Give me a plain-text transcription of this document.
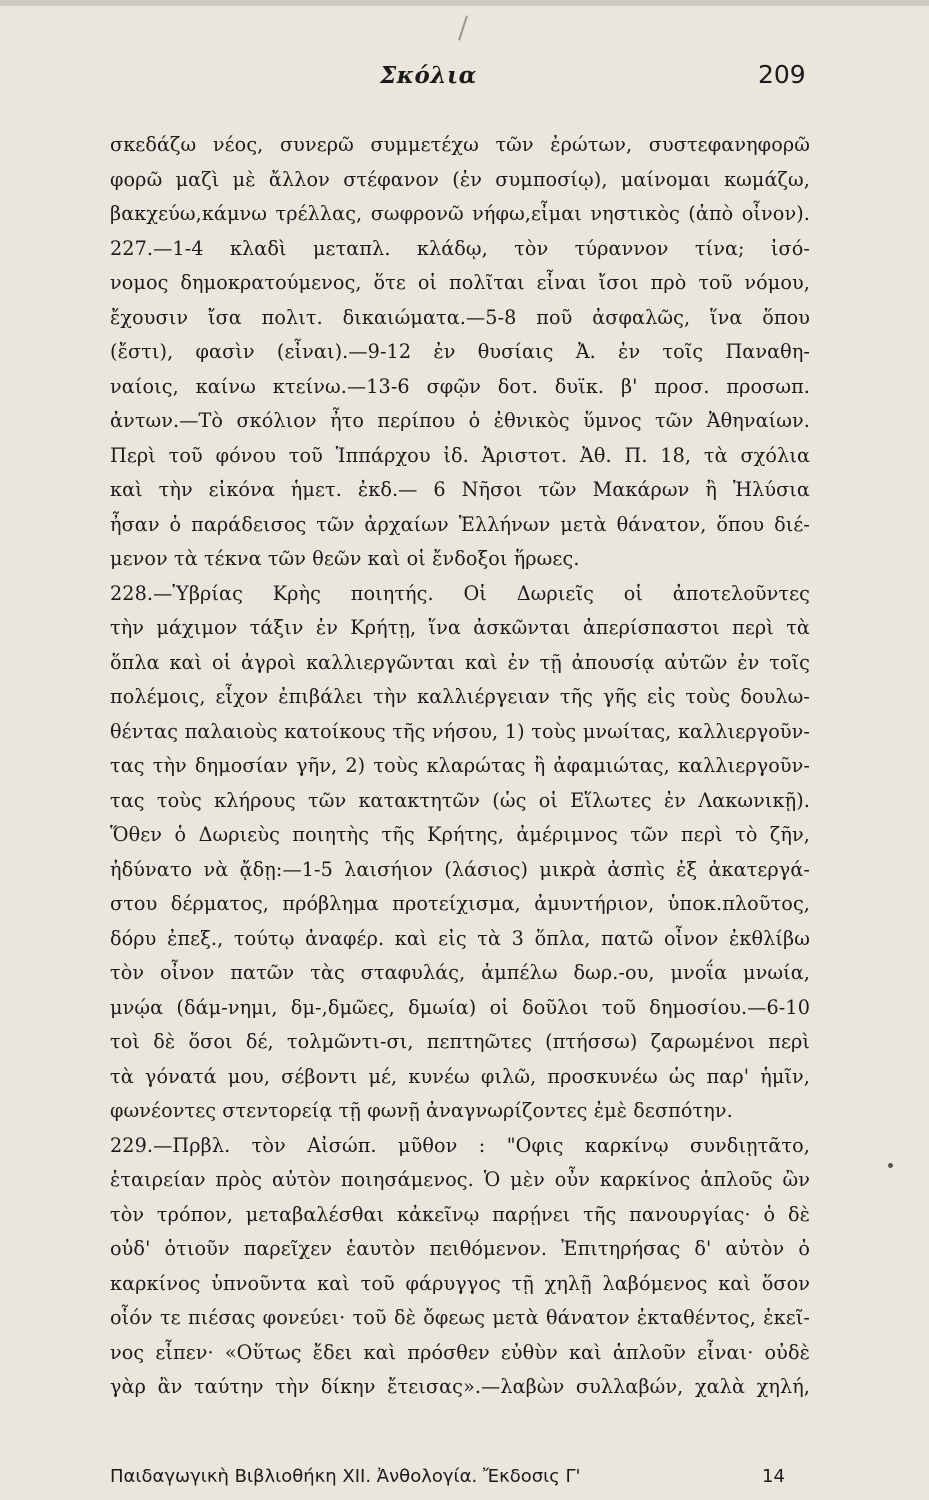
Σκόλια	209
σκεδάζω νέος, συνερῶ συμμετέχω τῶν ἐρώτων, συστεφανηφορῶ
φορῶ μαζὶ μὲ ἄλλον στέφανον (ἐν συμποσίῳ), μαίνομαι κωμάζω,
βακχεύω,κάμνω τρέλλας, σωφρονῶ νήφω,εἶμαι νηστικὸς (ἀπὸ οἶνον).
227.—1-4 κλαδὶ μεταπλ. κλάδῳ, τὸν τύραννον τίνα; ἰσό-
νομος δημοκρατούμενος, ὅτε οἱ πολῖται εἶναι ἴσοι πρὸ τοῦ νόμου,
ἔχουσιν ἴσα πολιτ. δικαιώματα.—5-8 ποῦ ἀσφαλῶς, ἵνα ὅπου
(ἔστι), φασὶν (εἶναι).—9-12 ἐν θυσίαις Ἀ. ἐν τοῖς Παναθη-
ναίοις, καίνω κτείνω.—13-6 σφῷν δοτ. δυϊκ. β' προσ. προσωπ.
ἀντων.—Τὸ σκόλιον ἦτο περίπου ὁ ἐθνικὸς ὕμνος τῶν Ἀθηναίων.
Περὶ τοῦ φόνου τοῦ Ἱππάρχου ἰδ. Ἀριστοτ. Ἀθ. Π. 18, τὰ σχόλια
καὶ τὴν εἰκόνα ἡμετ. ἐκδ.— 6 Νῆσοι τῶν Μακάρων ἢ Ἠλύσια
ἦσαν ὁ παράδεισος τῶν ἀρχαίων Ἑλλήνων μετὰ θάνατον, ὅπου διέ-
μενον τὰ τέκνα τῶν θεῶν καὶ οἱ ἔνδοξοι ἥρωες.
228.—Ὑβρίας Κρὴς ποιητής. Οἱ Δωριεῖς οἱ ἀποτελοῦντες
τὴν μάχιμον τάξιν ἐν Κρήτῃ, ἵνα ἀσκῶνται ἀπερίσπαστοι περὶ τὰ
ὅπλα καὶ οἱ ἀγροὶ καλλιεργῶνται καὶ ἐν τῇ ἀπουσίᾳ αὐτῶν ἐν τοῖς
πολέμοις, εἶχον ἐπιβάλει τὴν καλλιέργειαν τῆς γῆς εἰς τοὺς δουλω-
θέντας παλαιοὺς κατοίκους τῆς νήσου, 1) τοὺς μνωίτας, καλλιεργοῦν-
τας τὴν δημοσίαν γῆν, 2) τοὺς κλαρώτας ἢ ἀφαμιώτας, καλλιεργοῦν-
τας τοὺς κλήρους τῶν κατακτητῶν (ὡς οἱ Εἵλωτες ἐν Λακωνικῇ).
Ὅθεν ὁ Δωριεὺς ποιητὴς τῆς Κρήτης, ἀμέριμνος τῶν περὶ τὸ ζῆν,
ἠδύνατο νὰ ᾄδῃ:—1-5 λαισήιον (λάσιος) μικρὰ ἀσπὶς ἐξ ἀκατεργά-
στου δέρματος, πρόβλημα προτείχισμα, ἀμυντήριον, ὑποκ.πλοῦτος,
δόρυ ἐπεξ., τούτῳ ἀναφέρ. καὶ εἰς τὰ 3 ὅπλα, πατῶ οἶνον ἐκθλίβω
τὸν οἶνον πατῶν τὰς σταφυλάς, ἀμπέλω δωρ.-ου, μνοΐα μνωία,
μνῴα (δάμ-νημι, δμ-,δμῶες, δμωία) οἱ δοῦλοι τοῦ δημοσίου.—6-10
τοὶ δὲ ὅσοι δέ, τολμῶντι-σι, πεπτηῶτες (πτήσσω) ζαρωμένοι περὶ
τὰ γόνατά μου, σέβοντι μέ, κυνέω φιλῶ, προσκυνέω ὡς παρ' ἡμῖν,
φωνέοντες στεντορείᾳ τῇ φωνῇ ἀναγνωρίζοντες ἐμὲ δεσπότην.
229.—Πρβλ. τὸν Αἰσώπ. μῦθον : "Οφις καρκίνῳ συνδιῃτᾶτο,
ἑταιρείαν πρὸς αὐτὸν ποιησάμενος. Ὁ μὲν οὖν καρκίνος ἁπλοῦς ὢν
τὸν τρόπον, μεταβαλέσθαι κἀκεῖνῳ παρῄνει τῆς πανουργίας· ὁ δὲ
οὐδ' ὁτιοῦν παρεῖχεν ἑαυτὸν πειθόμενον. Ἐπιτηρήσας δ' αὐτὸν ὁ
καρκίνος ὑπνοῦντα καὶ τοῦ φάρυγγος τῇ χηλῇ λαβόμενος καὶ ὅσον
οἷόν τε πιέσας φονεύει· τοῦ δὲ ὄφεως μετὰ θάνατον ἐκταθέντος, ἐκεῖ-
νος εἶπεν· «Οὕτως ἔδει καὶ πρόσθεν εὐθὺν καὶ ἁπλοῦν εἶναι· οὐδὲ
γὰρ ἂν ταύτην τὴν δίκην ἔτεισας».—λαβὼν συλλαβών, χαλὰ χηλή,
Παιδαγωγικὴ Βιβλιοθήκη XII. Ἀνθολογία. Ἔκδοσις Γ'	14
